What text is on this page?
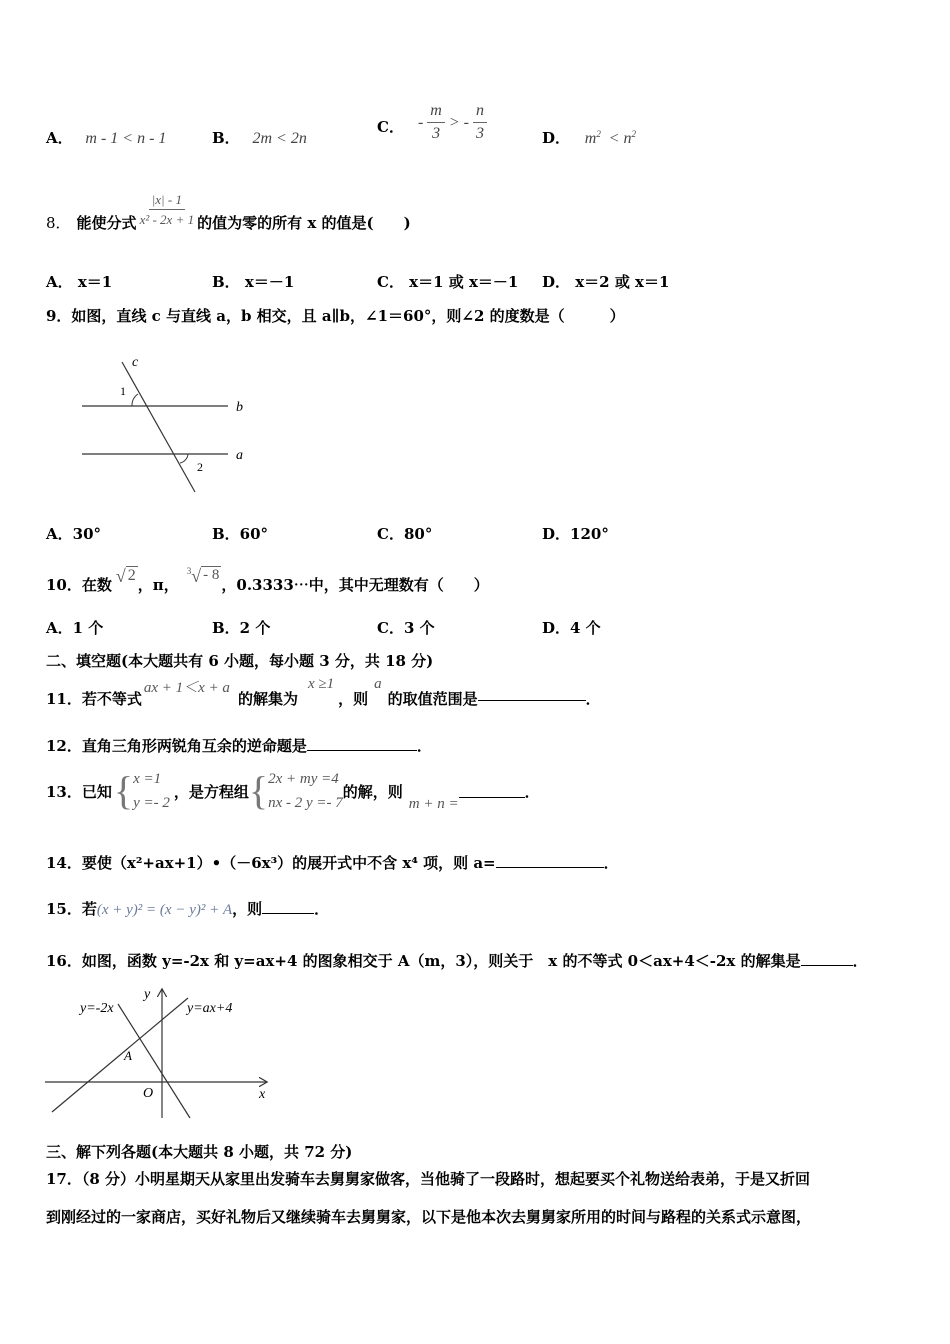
A． m - 1 < n - 1	B． 2m < 2n
C． - $\frac{m}{3}$ > - $\frac{n}{3}$	D． $m^2 < n^2$
8． 能使分式 $\frac{|x| - 1}{\text{x² - 2x + 1}}$ 的值为零的所有 x 的值是(　　)
A． x＝1	B． x＝－1	C． x＝1 或 x＝－1 D． x＝2 或 x＝1
9．如图，直线 c 与直线 a，b 相交，且 a∥b，∠1＝60°，则∠2 的度数是（　　　）
c
1
b
a
2
A．30°	B．60°	C．80°	D．120°
10．在数 √ 2
，π，
3 √ - 8
，0.3333⋯中，其中无理数有（　　）
A．1 个	B．2 个	C．3 个	D．4 个
二、填空题(本大题共有 6 小题，每小题 3 分，共 18 分)
11．若不等式
ax + 1＜x + a
的解集为
x ≥1
，则
a
的取值范围是	．
12．直角三角形两锐角互余的逆命题是	．
13．已知 { x =1
y =- 2
，是方程组 { 2x + my =4
nx - 2 y =- 7
的解，则
m + n =
．
14．要使（x²+ax+1）•（－6x³）的展开式中不含 x⁴ 项，则 a=	．
15．若(x + y)² = (x − y)² + A，则	．
16．如图，函数 y=-2x 和 y=ax+4 的图象相交于 A（m，3），则关于　x 的不等式 0＜ax+4＜-2x 的解集是	．
y=-2x
y
y=ax+4
A
O	x
三、解下列各题(本大题共 8 小题，共 72 分)
17．（8 分）小明星期天从家里出发骑车去舅舅家做客，当他骑了一段路时，想起要买个礼物送给表弟，于是又折回
到刚经过的一家商店，买好礼物后又继续骑车去舅舅家，以下是他本次去舅舅家所用的时间与路程的关系式示意图，
